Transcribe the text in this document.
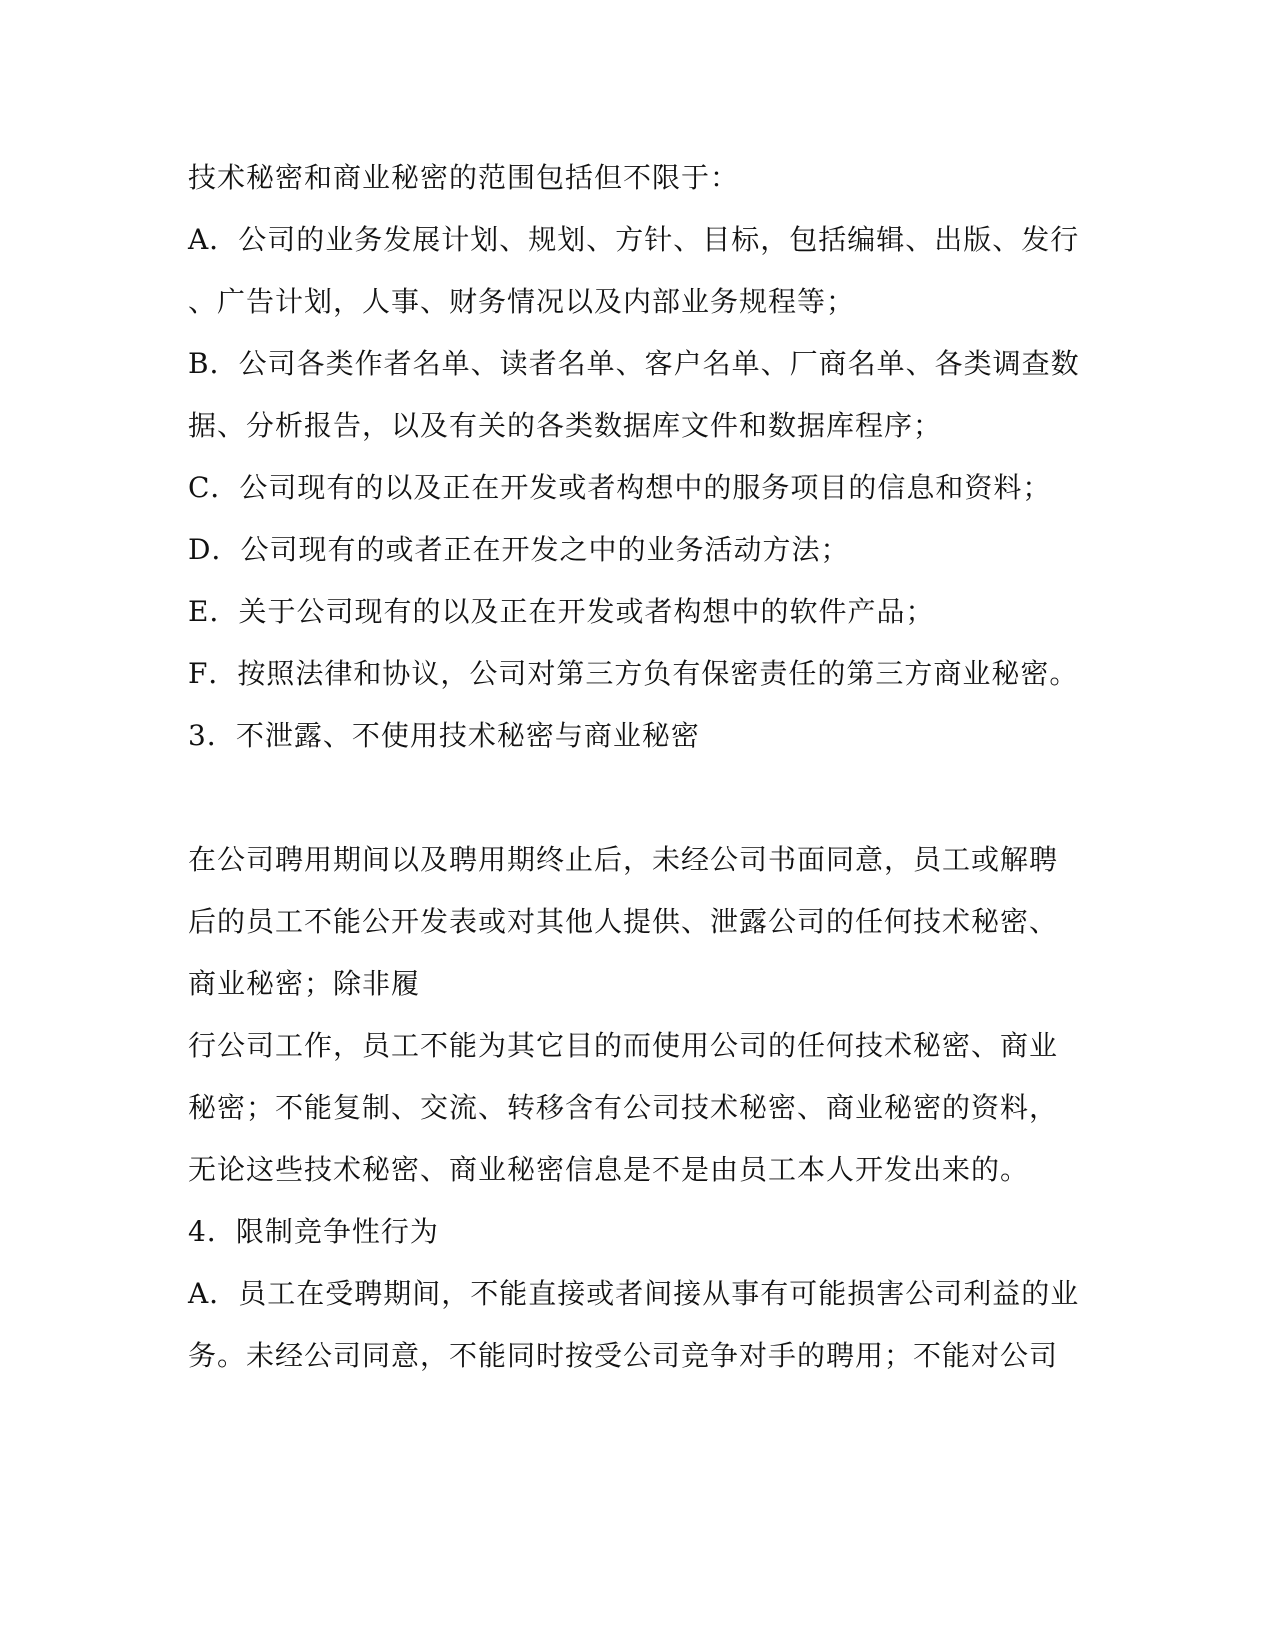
技术秘密和商业秘密的范围包括但不限于：
A．公司的业务发展计划、规划、方针、目标，包括编辑、出版、发行
、广告计划，人事、财务情况以及内部业务规程等；
B．公司各类作者名单、读者名单、客户名单、厂商名单、各类调查数
据、分析报告，以及有关的各类数据库文件和数据库程序；
C．公司现有的以及正在开发或者构想中的服务项目的信息和资料；
D．公司现有的或者正在开发之中的业务活动方法；
E．关于公司现有的以及正在开发或者构想中的软件产品；
F．按照法律和协议，公司对第三方负有保密责任的第三方商业秘密。
3．不泄露、不使用技术秘密与商业秘密
在公司聘用期间以及聘用期终止后，未经公司书面同意，员工或解聘
后的员工不能公开发表或对其他人提供、泄露公司的任何技术秘密、
商业秘密；除非履
行公司工作，员工不能为其它目的而使用公司的任何技术秘密、商业
秘密；不能复制、交流、转移含有公司技术秘密、商业秘密的资料，
无论这些技术秘密、商业秘密信息是不是由员工本人开发出来的。
4．限制竞争性行为
A．员工在受聘期间，不能直接或者间接从事有可能损害公司利益的业
务。未经公司同意，不能同时按受公司竞争对手的聘用；不能对公司
